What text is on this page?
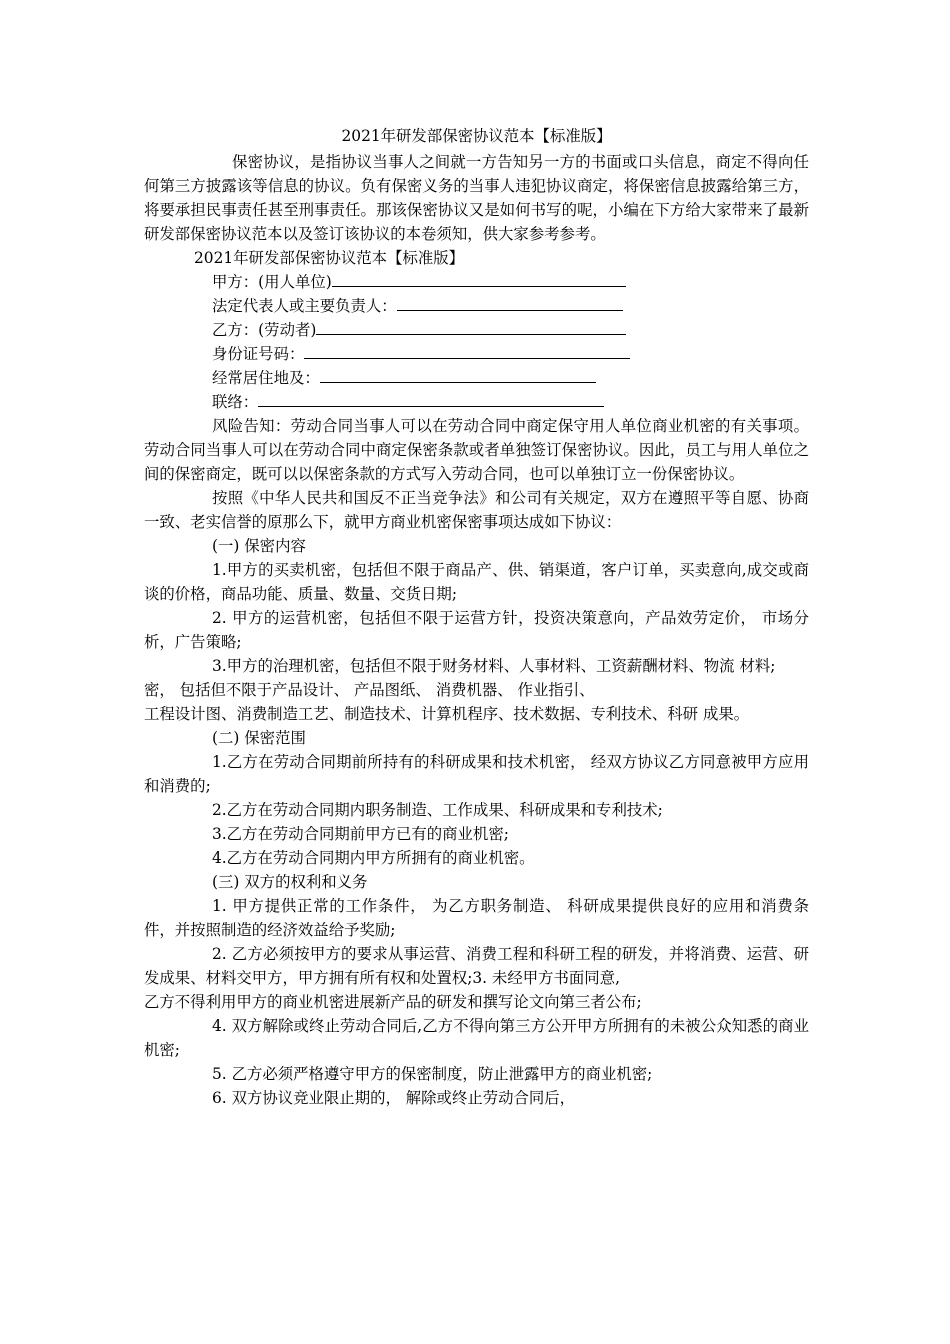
2021年研发部保密协议范本【标准版】

保密协议，是指协议当事人之间就一方告知另一方的书面或口头信息，商定不得向任何第三方披露该等信息的协议。负有保密义务的当事人违犯协议商定，将保密信息披露给第三方，将要承担民事责任甚至刑事责任。那该保密协议又是如何书写的呢，小编在下方给大家带来了最新研发部保密协议范本以及签订该协议的本卷须知，供大家参考参考。

2021年研发部保密协议范本【标准版】

甲方：(用人单位)
法定代表人或主要负责人：
乙方：(劳动者)
身份证号码：
经常居住地及：
联络：

风险告知：劳动合同当事人可以在劳动合同中商定保守用人单位商业机密的有关事项。劳动合同当事人可以在劳动合同中商定保密条款或者单独签订保密协议。因此，员工与用人单位之间的保密商定，既可以以保密条款的方式写入劳动合同，也可以单独订立一份保密协议。

按照《中华人民共和国反不正当竞争法》和公司有关规定，双方在遵照平等自愿、协商一致、老实信誉的原那么下，就甲方商业机密保密事项达成如下协议：

(一) 保密内容

1.甲方的买卖机密，包括但不限于商品产、供、销渠道，客户订单，买卖意向,成交或商谈的价格，商品功能、质量、数量、交货日期;

2. 甲方的运营机密，包括但不限于运营方针，投资决策意向，产品效劳定价， 市场分析，广告策略;

3.甲方的治理机密，包括但不限于财务材料、人事材料、工资薪酬材料、物流 材料;

密， 包括但不限于产品设计、 产品图纸、 消费机器、 作业指引、

工程设计图、消费制造工艺、制造技术、计算机程序、技术数据、专利技术、科研 成果。

(二) 保密范围

1.乙方在劳动合同期前所持有的科研成果和技术机密， 经双方协议乙方同意被甲方应用和消费的;

2.乙方在劳动合同期内职务制造、工作成果、科研成果和专利技术;

3.乙方在劳动合同期前甲方已有的商业机密;

4.乙方在劳动合同期内甲方所拥有的商业机密。

(三) 双方的权利和义务

1. 甲方提供正常的工作条件， 为乙方职务制造、 科研成果提供良好的应用和消费条件，并按照制造的经济效益给予奖励;

2. 乙方必须按甲方的要求从事运营、消费工程和科研工程的研发，并将消费、运营、研发成果、材料交甲方，甲方拥有所有权和处置权;3. 未经甲方书面同意,

乙方不得利用甲方的商业机密进展新产品的研发和撰写论文向第三者公布;

4. 双方解除或终止劳动合同后,乙方不得向第三方公开甲方所拥有的未被公众知悉的商业机密;

5. 乙方必须严格遵守甲方的保密制度，防止泄露甲方的商业机密;

6. 双方协议竞业限止期的， 解除或终止劳动合同后，
